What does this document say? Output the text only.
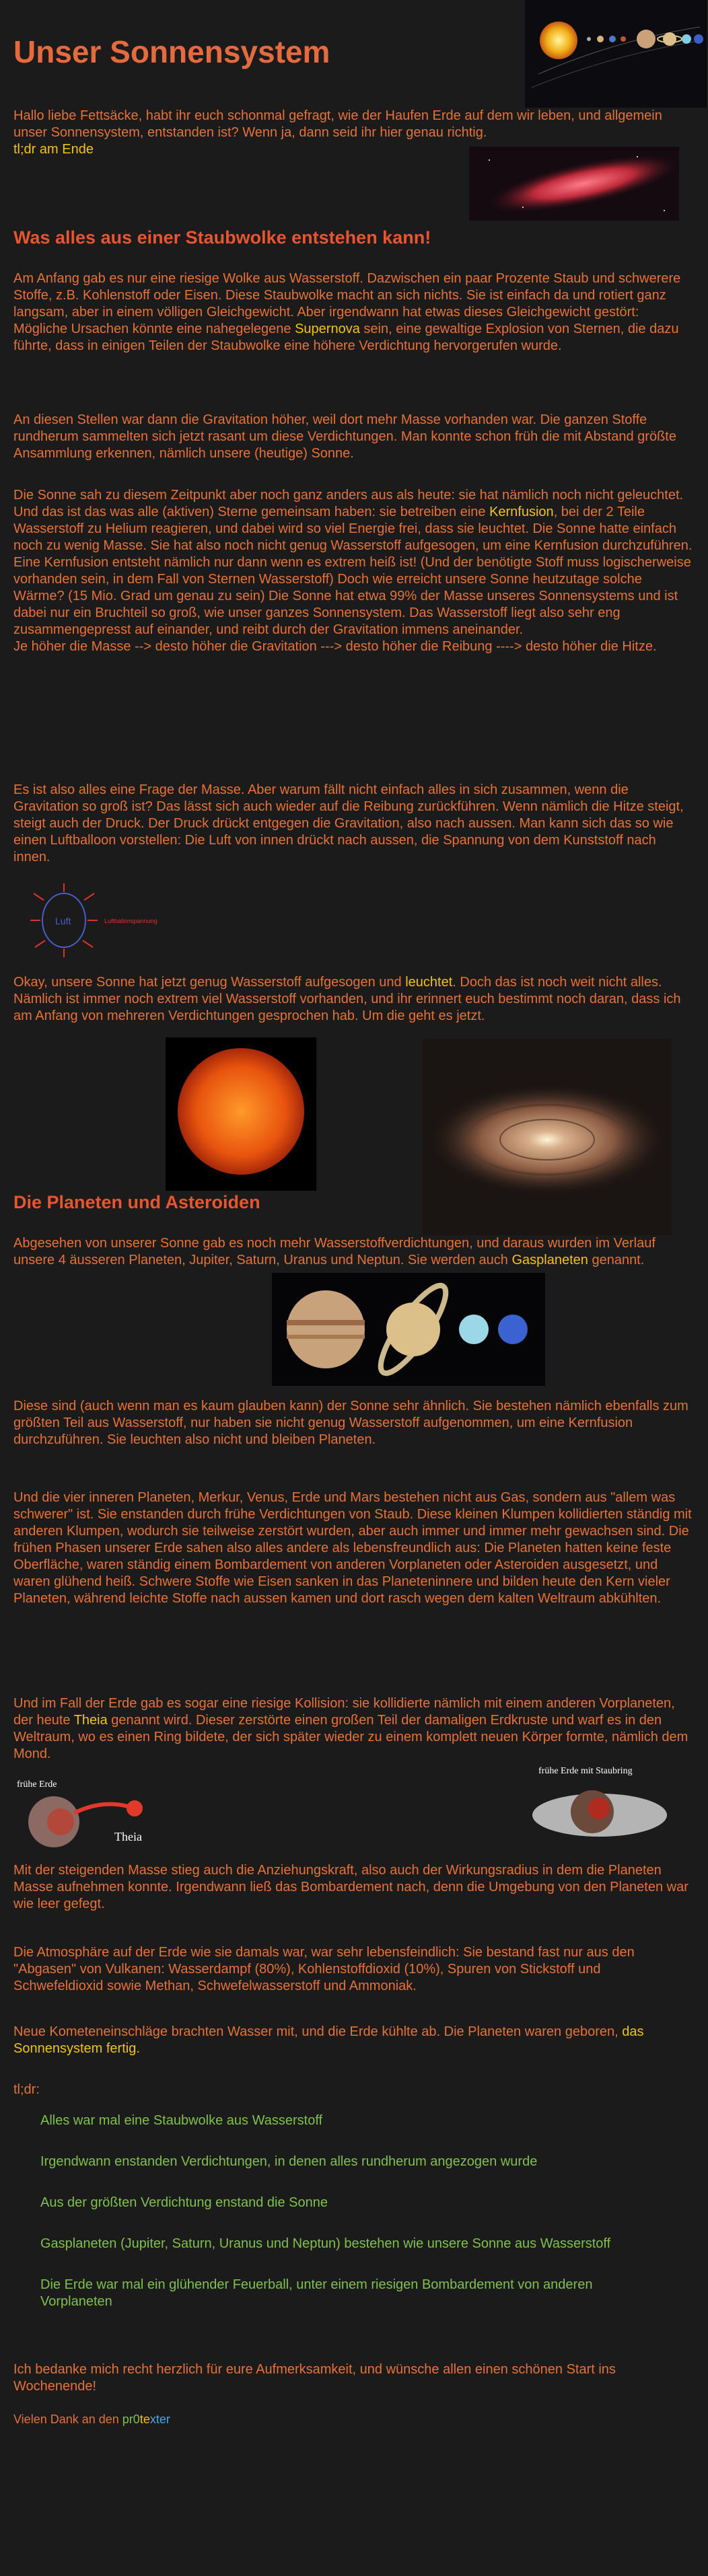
Unser Sonnensystem

Hallo liebe Fettsäcke, habt ihr euch schonmal gefragt, wie der Haufen Erde auf dem wir leben, und allgemein unser Sonnensystem, entstanden ist? Wenn ja, dann seid ihr hier genau richtig.
tl;dr am Ende

Was alles aus einer Staubwolke entstehen kann!

Am Anfang gab es nur eine riesige Wolke aus Wasserstoff. Dazwischen ein paar Prozente Staub und schwerere Stoffe, z.B. Kohlenstoff oder Eisen. Diese Staubwolke macht an sich nichts. Sie ist einfach da und rotiert ganz langsam, aber in einem völligen Gleichgewicht. Aber irgendwann hat etwas dieses Gleichgewicht gestört: Mögliche Ursachen könnte eine nahegelegene Supernova sein, eine gewaltige Explosion von Sternen, die dazu führte, dass in einigen Teilen der Staubwolke eine höhere Verdichtung hervorgerufen wurde.

An diesen Stellen war dann die Gravitation höher, weil dort mehr Masse vorhanden war. Die ganzen Stoffe rundherum sammelten sich jetzt rasant um diese Verdichtungen. Man konnte schon früh die mit Abstand größte Ansammlung erkennen, nämlich unsere (heutige) Sonne.

Die Sonne sah zu diesem Zeitpunkt aber noch ganz anders aus als heute: sie hat nämlich noch nicht geleuchtet. Und das ist das was alle (aktiven) Sterne gemeinsam haben: sie betreiben eine Kernfusion, bei der 2 Teile Wasserstoff zu Helium reagieren, und dabei wird so viel Energie frei, dass sie leuchtet. Die Sonne hatte einfach noch zu wenig Masse. Sie hat also noch nicht genug Wasserstoff aufgesogen, um eine Kernfusion durchzuführen. Eine Kernfusion entsteht nämlich nur dann wenn es extrem heiß ist! (Und der benötigte Stoff muss logischerweise vorhanden sein, in dem Fall von Sternen Wasserstoff) Doch wie erreicht unsere Sonne heutzutage solche Wärme? (15 Mio. Grad um genau zu sein) Die Sonne hat etwa 99% der Masse unseres Sonnensystems und ist dabei nur ein Bruchteil so groß, wie unser ganzes Sonnensystem. Das Wasserstoff liegt also sehr eng zusammengepresst auf einander, und reibt durch der Gravitation immens aneinander.
Je höher die Masse --> desto höher die Gravitation ---> desto höher die Reibung ----> desto höher die Hitze.

Es ist also alles eine Frage der Masse. Aber warum fällt nicht einfach alles in sich zusammen, wenn die Gravitation so groß ist? Das lässt sich auch wieder auf die Reibung zurückführen. Wenn nämlich die Hitze steigt, steigt auch der Druck. Der Druck drückt entgegen die Gravitation, also nach aussen. Man kann sich das so wie einen Luftballoon vorstellen: Die Luft von innen drückt nach aussen, die Spannung von dem Kunststoff nach innen.

Luft	Luftballonspannung

Okay, unsere Sonne hat jetzt genug Wasserstoff aufgesogen und leuchtet. Doch das ist noch weit nicht alles. Nämlich ist immer noch extrem viel Wasserstoff vorhanden, und ihr erinnert euch bestimmt noch daran, dass ich am Anfang von mehreren Verdichtungen gesprochen hab. Um die geht es jetzt.

Die Planeten und Asteroiden

Abgesehen von unserer Sonne gab es noch mehr Wasserstoffverdichtungen, und daraus wurden im Verlauf unsere 4 äusseren Planeten, Jupiter, Saturn, Uranus und Neptun. Sie werden auch Gasplaneten genannt.

Diese sind (auch wenn man es kaum glauben kann) der Sonne sehr ähnlich. Sie bestehen nämlich ebenfalls zum größten Teil aus Wasserstoff, nur haben sie nicht genug Wasserstoff aufgenommen, um eine Kernfusion durchzuführen. Sie leuchten also nicht und bleiben Planeten.

Und die vier inneren Planeten, Merkur, Venus, Erde und Mars bestehen nicht aus Gas, sondern aus "allem was schwerer" ist. Sie enstanden durch frühe Verdichtungen von Staub. Diese kleinen Klumpen kollidierten ständig mit anderen Klumpen, wodurch sie teilweise zerstört wurden, aber auch immer und immer mehr gewachsen sind. Die frühen Phasen unserer Erde sahen also alles andere als lebensfreundlich aus: Die Planeten hatten keine feste Oberfläche, waren ständig einem Bombardement von anderen Vorplaneten oder Asteroiden ausgesetzt, und waren glühend heiß. Schwere Stoffe wie Eisen sanken in das Planeteninnere und bilden heute den Kern vieler Planeten, während leichte Stoffe nach aussen kamen und dort rasch wegen dem kalten Weltraum abkühlten.

Und im Fall der Erde gab es sogar eine riesige Kollision: sie kollidierte nämlich mit einem anderen Vorplaneten, der heute Theia genannt wird. Dieser zerstörte einen großen Teil der damaligen Erdkruste und warf es in den Weltraum, wo es einen Ring bildete, der sich später wieder zu einem komplett neuen Körper formte, nämlich dem Mond.

frühe Erde
Theia
frühe Erde mit Staubring

Mit der steigenden Masse stieg auch die Anziehungskraft, also auch der Wirkungsradius in dem die Planeten Masse aufnehmen konnte. Irgendwann ließ das Bombardement nach, denn die Umgebung von den Planeten war wie leer gefegt.

Die Atmosphäre auf der Erde wie sie damals war, war sehr lebensfeindlich: Sie bestand fast nur aus den "Abgasen" von Vulkanen: Wasserdampf (80%), Kohlenstoffdioxid (10%), Spuren von Stickstoff und Schwefeldioxid sowie Methan, Schwefelwasserstoff und Ammoniak.

Neue Kometeneinschläge brachten Wasser mit, und die Erde kühlte ab. Die Planeten waren geboren, das Sonnensystem fertig.

tl;dr:

Alles war mal eine Staubwolke aus Wasserstoff
Irgendwann enstanden Verdichtungen, in denen alles rundherum angezogen wurde
Aus der größten Verdichtung enstand die Sonne
Gasplaneten (Jupiter, Saturn, Uranus und Neptun) bestehen wie unsere Sonne aus Wasserstoff
Die Erde war mal ein glühender Feuerball, unter einem riesigen Bombardement von anderen Vorplaneten

Ich bedanke mich recht herzlich für eure Aufmerksamkeit, und wünsche allen einen schönen Start ins Wochenende!

Vielen Dank an den pr0texter
